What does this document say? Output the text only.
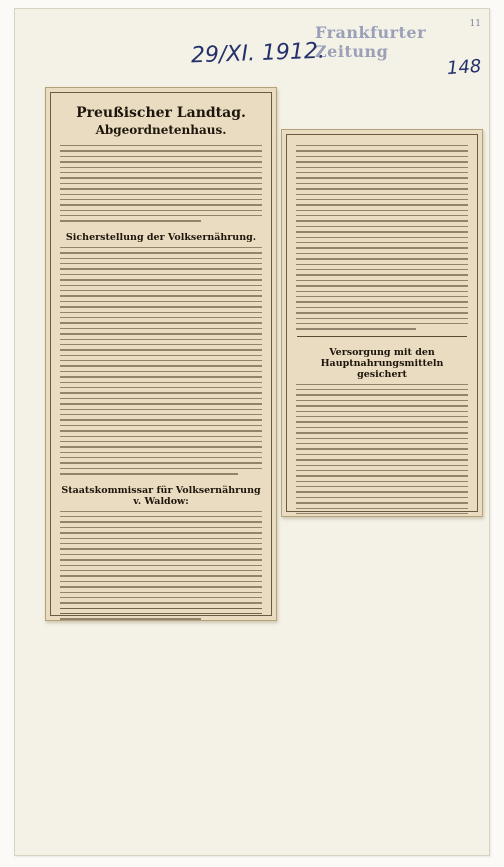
Frankfurter Zeitung
11
29/XI. 1912.	148
Preußischer Landtag.
Abgeordnetenhaus.
Sicherstellung der Volksernährung.
Staatskommissar für Volksernährung v. Waldow:
Versorgung mit den Hauptnahrungsmitteln gesichert
